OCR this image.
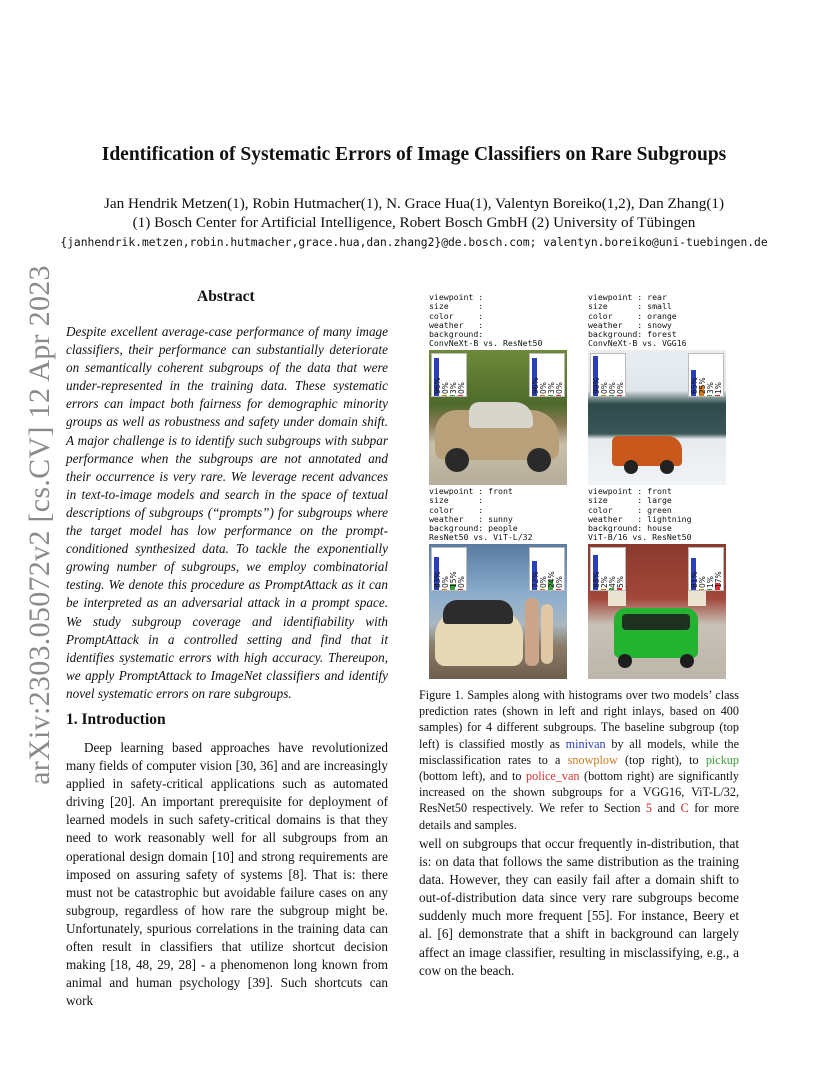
arXiv:2303.05072v2 [cs.CV] 12 Apr 2023
Identification of Systematic Errors of Image Classifiers on Rare Subgroups
Jan Hendrik Metzen(1), Robin Hutmacher(1), N. Grace Hua(1), Valentyn Boreiko(1,2), Dan Zhang(1)
(1) Bosch Center for Artificial Intelligence, Robert Bosch GmbH (2) University of Tübingen
{janhendrik.metzen,robin.hutmacher,grace.hua,dan.zhang2}@de.bosch.com; valentyn.boreiko@uni-tuebingen.de
Abstract
Despite excellent average-case performance of many image classifiers, their performance can substantially deteriorate on semantically coherent subgroups of the data that were under-represented in the training data. These systematic errors can impact both fairness for demographic minority groups as well as robustness and safety under domain shift. A major challenge is to identify such subgroups with subpar performance when the subgroups are not annotated and their occurrence is very rare. We leverage recent advances in text-to-image models and search in the space of textual descriptions of subgroups (“prompts”) for subgroups where the target model has low performance on the prompt-conditioned synthesized data. To tackle the exponentially growing number of subgroups, we employ combinatorial testing. We denote this procedure as PromptAttack as it can be interpreted as an adversarial attack in a prompt space. We study subgroup coverage and identifiability with PromptAttack in a controlled setting and find that it identifies systematic errors with high accuracy. Thereupon, we apply PromptAttack to ImageNet classifiers and identify novel systematic errors on rare subgroups.
1. Introduction

Deep learning based approaches have revolutionized many fields of computer vision [30, 36] and are increasingly applied in safety-critical applications such as automated driving [20]. An important prerequisite for deployment of learned models in such safety-critical domains is that they need to work reasonably well for all subgroups from an operational design domain [10] and strong requirements are imposed on assuring safety of systems [8]. That is: there must not be catastrophic but avoidable failure cases on any subgroup, regardless of how rare the subgroup might be. Unfortunately, spurious correlations in the training data can often result in classifiers that utilize shortcut decision making [18, 48, 29, 28] - a phenomenon long known from animal and human psychology [39]. Such shortcuts can work

viewpoint :
size      :
color     :
weather   :
background:
ConvNeXt-B vs. ResNet50
96% 0% 3% 0%	96% 0% 3% 0%
viewpoint : rear
size      : small
color     : orange
weather   : snowy
background: forest
ConvNeXt-B vs. VGG16
99% 0% 0% 0%	65% 25% 3% 1%
viewpoint : front
size      :
color     :
weather   : sunny
background: people
ResNet50 vs. ViT-L/32
83% 0% 15% 0%	72% 0% 24% 0%
viewpoint : front
size      : large
color     : green
weather   : lightning
background: house
ViT-B/16 vs. ResNet50
88% 2% 4% 5%	81% 0% 1% 17%
Figure 1. Samples along with histograms over two models’ class prediction rates (shown in left and right inlays, based on 400 samples) for 4 different subgroups. The baseline subgroup (top left) is classified mostly as minivan by all models, while the misclassification rates to a snowplow (top right), to pickup (bottom left), and to police_van (bottom right) are significantly increased on the shown subgroups for a VGG16, ViT-L/32, ResNet50 respectively. We refer to Section 5 and C for more details and samples.
well on subgroups that occur frequently in-distribution, that is: on data that follows the same distribution as the training data. However, they can easily fail after a domain shift to out-of-distribution data since very rare subgroups become suddenly much more frequent [55]. For instance, Beery et al. [6] demonstrate that a shift in background can largely affect an image classifier, resulting in misclassifying, e.g., a cow on the beach.
